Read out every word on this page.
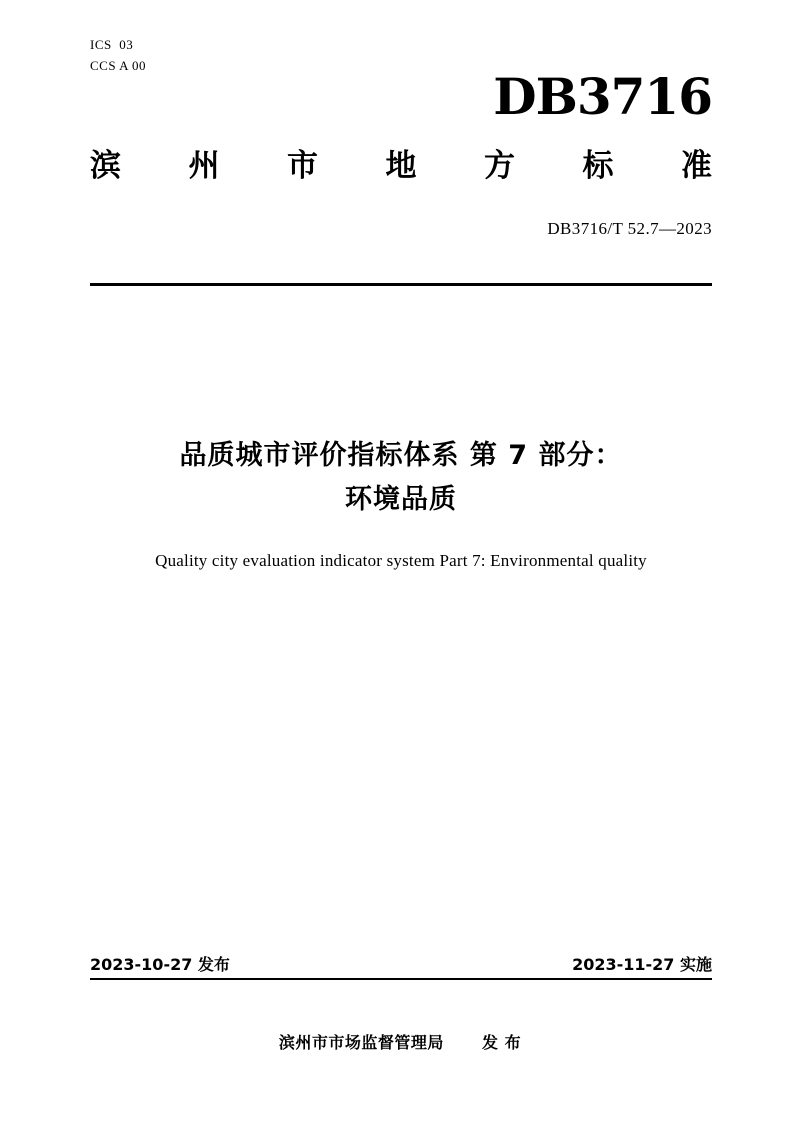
ICS  03
CCS A 00
DB3716
滨 州 市 地 方 标 准
DB3716/T 52.7—2023
品质城市评价指标体系 第 7 部分：
环境品质
Quality city evaluation indicator system Part 7: Environmental quality
2023-10-27 发布	2023-11-27 实施
滨州市市场监督管理局 发 布
